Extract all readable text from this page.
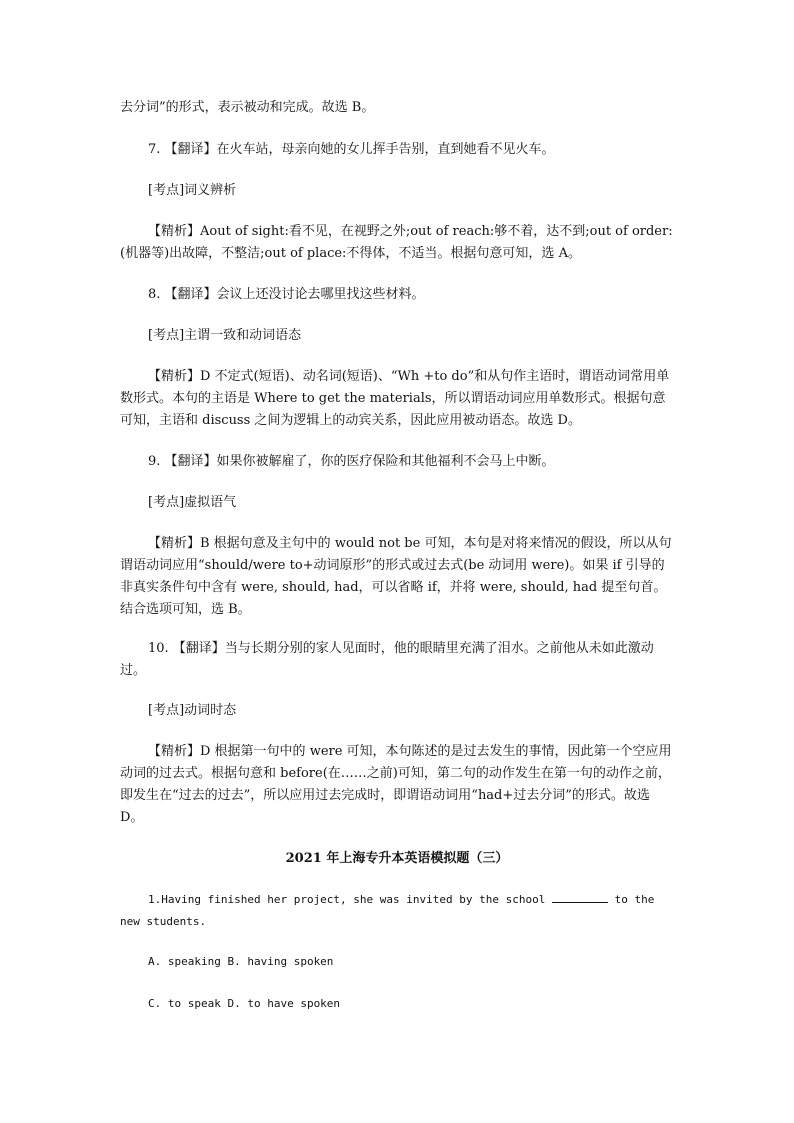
去分词”的形式，表示被动和完成。故选 B。

7. 【翻译】在火车站，母亲向她的女儿挥手告别，直到她看不见火车。

[考点]词义辨析

【精析】Aout of sight:看不见，在视野之外;out of reach:够不着，达不到;out of order: (机器等)出故障，不整洁;out of place:不得体，不适当。根据句意可知，选 A。

8. 【翻译】会议上还没讨论去哪里找这些材料。

[考点]主谓一致和动词语态

【精析】D 不定式(短语)、动名词(短语)、“Wh +to do”和从句作主语时，谓语动词常用单数形式。本句的主语是 Where to get the materials，所以谓语动词应用单数形式。根据句意可知，主语和 discuss 之间为逻辑上的动宾关系，因此应用被动语态。故选 D。

9. 【翻译】如果你被解雇了，你的医疗保险和其他福利不会马上中断。

[考点]虚拟语气

【精析】B 根据句意及主句中的 would not be 可知，本句是对将来情况的假设，所以从句谓语动词应用“should/were to+动词原形”的形式或过去式(be 动词用 were)。如果 if 引导的非真实条件句中含有 were, should, had，可以省略 if，并将 were, should, had 提至句首。结合选项可知，选 B。

10. 【翻译】当与长期分别的家人见面时，他的眼睛里充满了泪水。之前他从未如此激动过。

[考点]动词时态

【精析】D 根据第一句中的 were 可知，本句陈述的是过去发生的事情，因此第一个空应用动词的过去式。根据句意和 before(在……之前)可知，第二句的动作发生在第一句的动作之前，即发生在“过去的过去”，所以应用过去完成时，即谓语动词用“had+过去分词”的形式。故选 D。

2021 年上海专升本英语模拟题（三）

1.Having finished her project, she was invited by the school	to the new students.

A. speaking B. having spoken

C. to speak D. to have spoken
